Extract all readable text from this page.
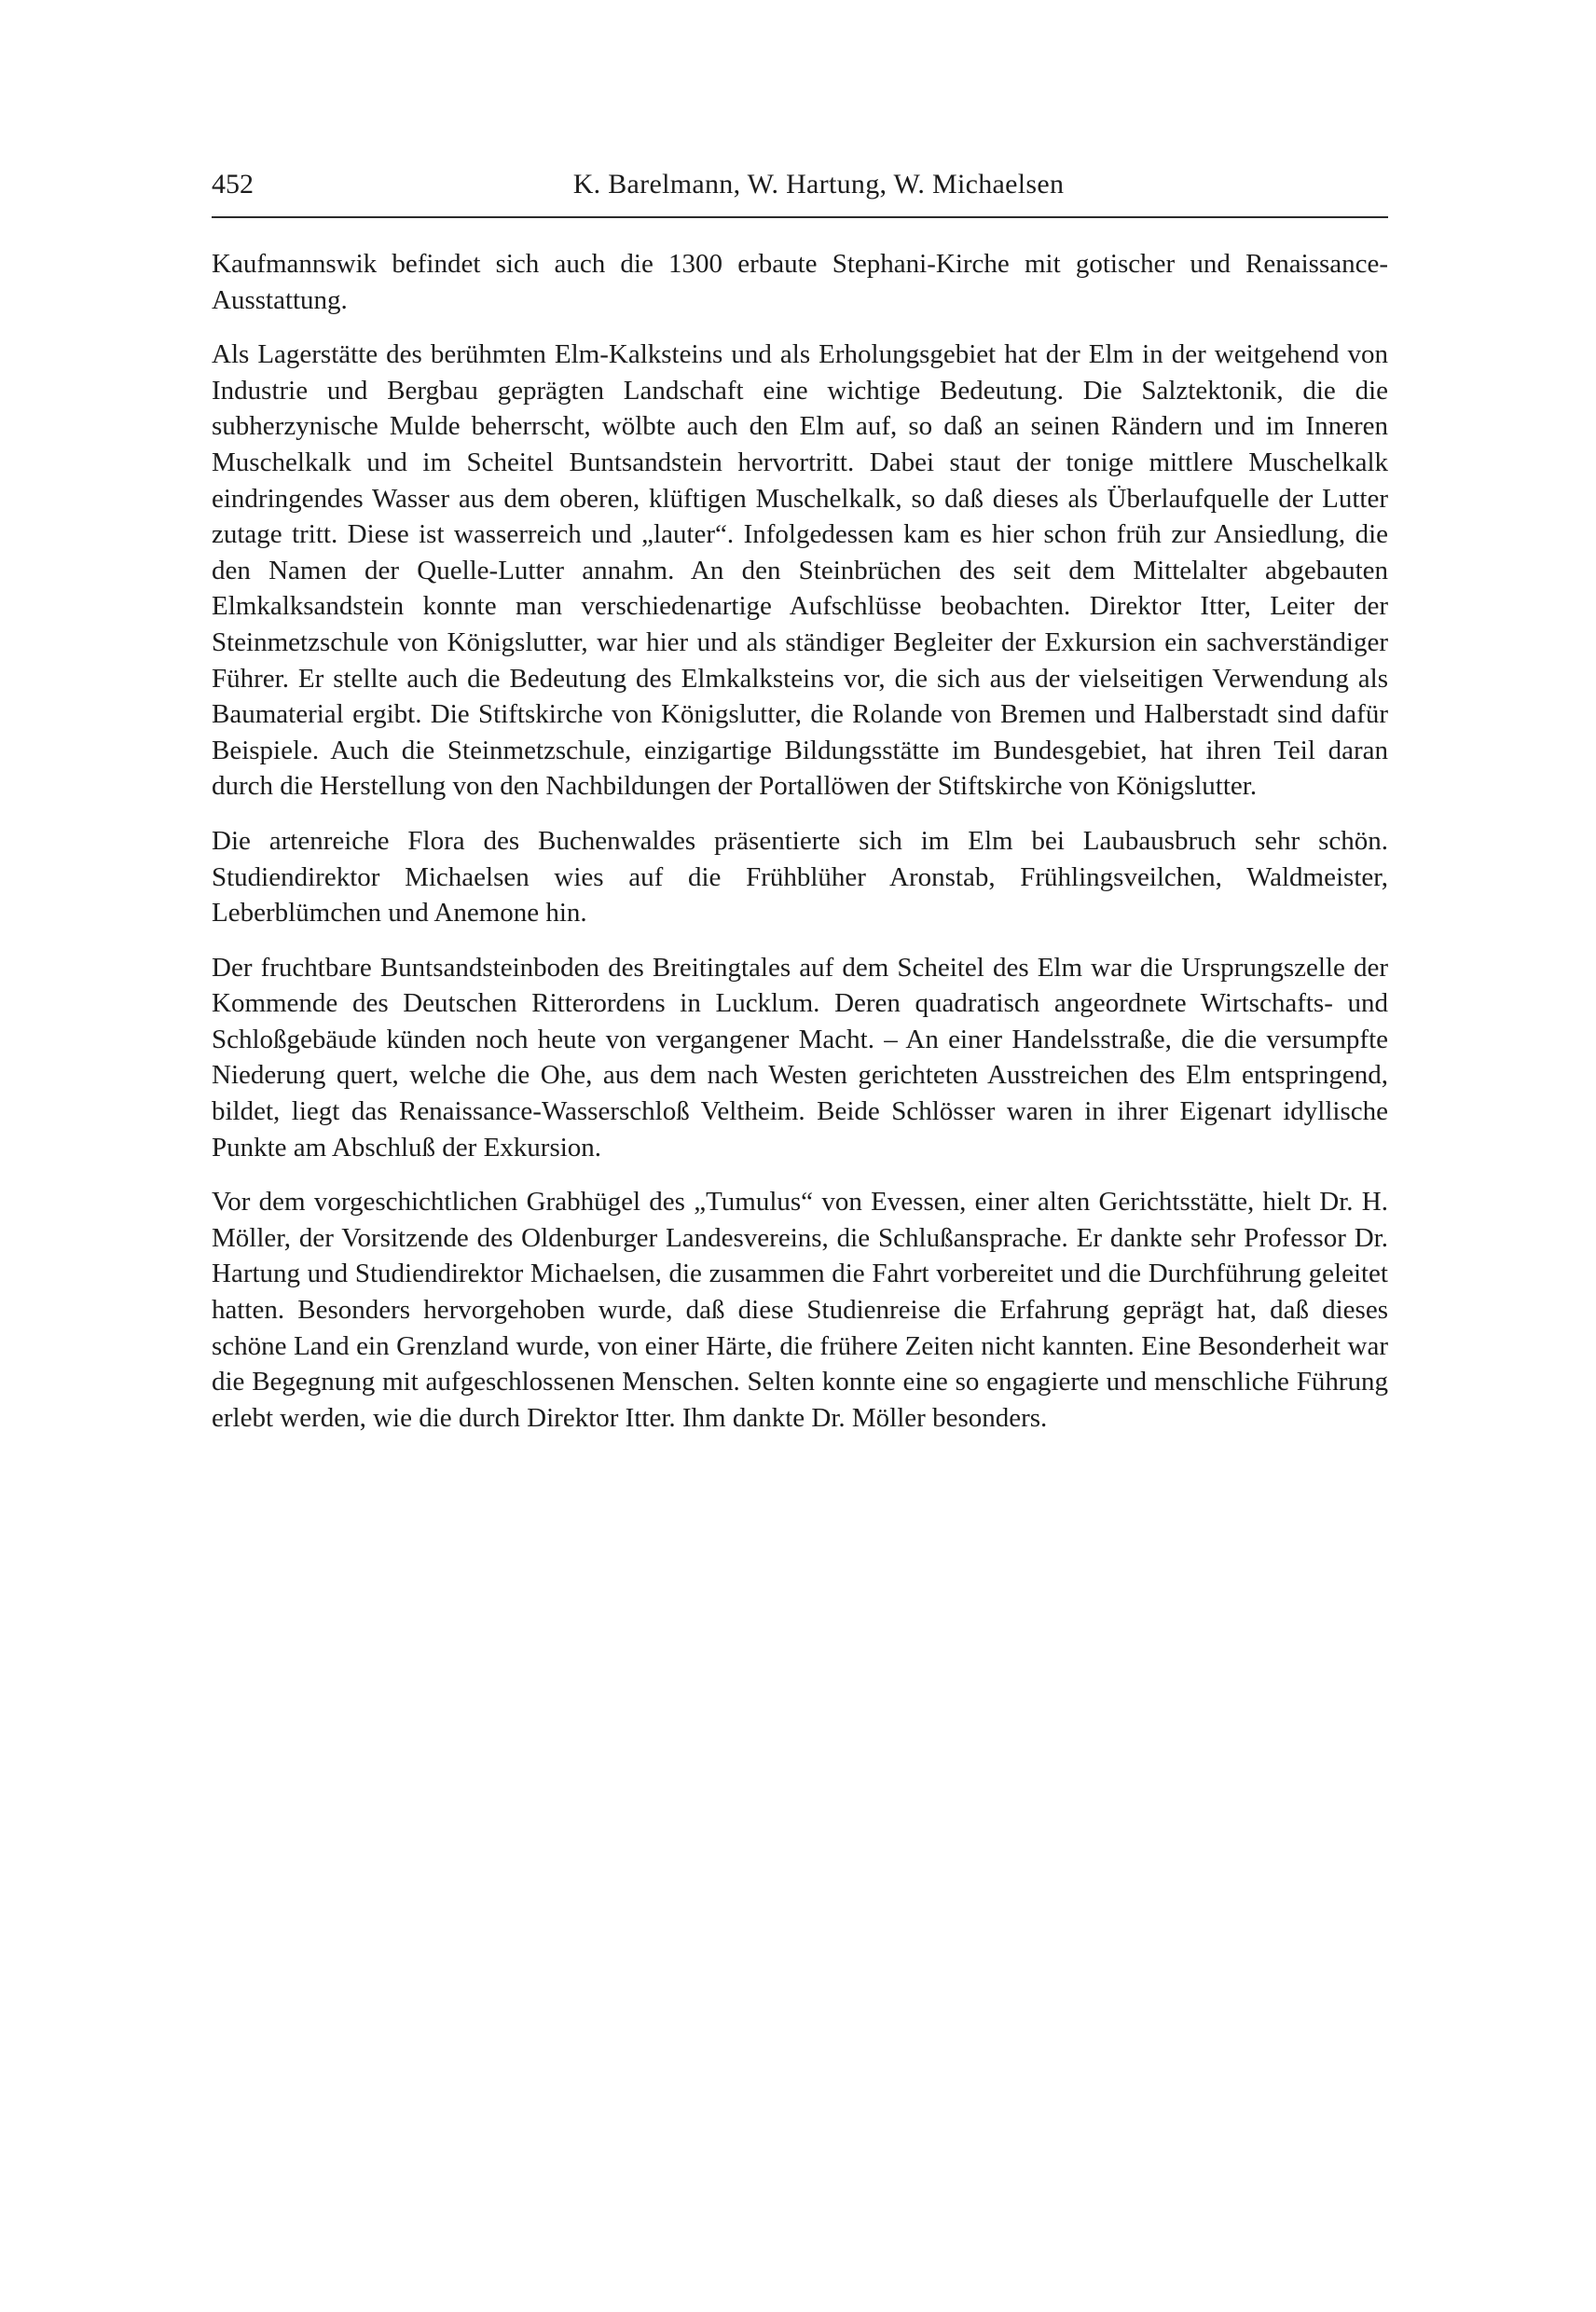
452	K. Barelmann, W. Hartung, W. Michaelsen

Kaufmannswik befindet sich auch die 1300 erbaute Stephani-Kirche mit gotischer und Renaissance-Ausstattung.

Als Lagerstätte des berühmten Elm-Kalksteins und als Erholungsgebiet hat der Elm in der weitgehend von Industrie und Bergbau geprägten Landschaft eine wichtige Bedeutung. Die Salztektonik, die die subherzynische Mulde beherrscht, wölbte auch den Elm auf, so daß an seinen Rändern und im Inneren Muschelkalk und im Scheitel Buntsandstein hervortritt. Dabei staut der tonige mittlere Muschelkalk eindringendes Wasser aus dem oberen, klüftigen Muschelkalk, so daß dieses als Überlaufquelle der Lutter zutage tritt. Diese ist wasserreich und „lauter“. Infolgedessen kam es hier schon früh zur Ansiedlung, die den Namen der Quelle-Lutter annahm. An den Steinbrüchen des seit dem Mittelalter abgebauten Elmkalksandstein konnte man verschiedenartige Aufschlüsse beobachten. Direktor Itter, Leiter der Steinmetzschule von Königslutter, war hier und als ständiger Begleiter der Exkursion ein sachverständiger Führer. Er stellte auch die Bedeutung des Elmkalksteins vor, die sich aus der vielseitigen Verwendung als Baumaterial ergibt. Die Stiftskirche von Königslutter, die Rolande von Bremen und Halberstadt sind dafür Beispiele. Auch die Steinmetzschule, einzigartige Bildungsstätte im Bundesgebiet, hat ihren Teil daran durch die Herstellung von den Nachbildungen der Portallöwen der Stiftskirche von Königslutter.

Die artenreiche Flora des Buchenwaldes präsentierte sich im Elm bei Laubausbruch sehr schön. Studiendirektor Michaelsen wies auf die Frühblüher Aronstab, Frühlingsveilchen, Waldmeister, Leberblümchen und Anemone hin.

Der fruchtbare Buntsandsteinboden des Breitingtales auf dem Scheitel des Elm war die Ursprungszelle der Kommende des Deutschen Ritterordens in Lucklum. Deren quadratisch angeordnete Wirtschafts- und Schloßgebäude künden noch heute von vergangener Macht. – An einer Handelsstraße, die die versumpfte Niederung quert, welche die Ohe, aus dem nach Westen gerichteten Ausstreichen des Elm entspringend, bildet, liegt das Renaissance-Wasserschloß Veltheim. Beide Schlösser waren in ihrer Eigenart idyllische Punkte am Abschluß der Exkursion.

Vor dem vorgeschichtlichen Grabhügel des „Tumulus“ von Evessen, einer alten Gerichtsstätte, hielt Dr. H. Möller, der Vorsitzende des Oldenburger Landesvereins, die Schlußansprache. Er dankte sehr Professor Dr. Hartung und Studiendirektor Michaelsen, die zusammen die Fahrt vorbereitet und die Durchführung geleitet hatten. Besonders hervorgehoben wurde, daß diese Studienreise die Erfahrung geprägt hat, daß dieses schöne Land ein Grenzland wurde, von einer Härte, die frühere Zeiten nicht kannten. Eine Besonderheit war die Begegnung mit aufgeschlossenen Menschen. Selten konnte eine so engagierte und menschliche Führung erlebt werden, wie die durch Direktor Itter. Ihm dankte Dr. Möller besonders.
